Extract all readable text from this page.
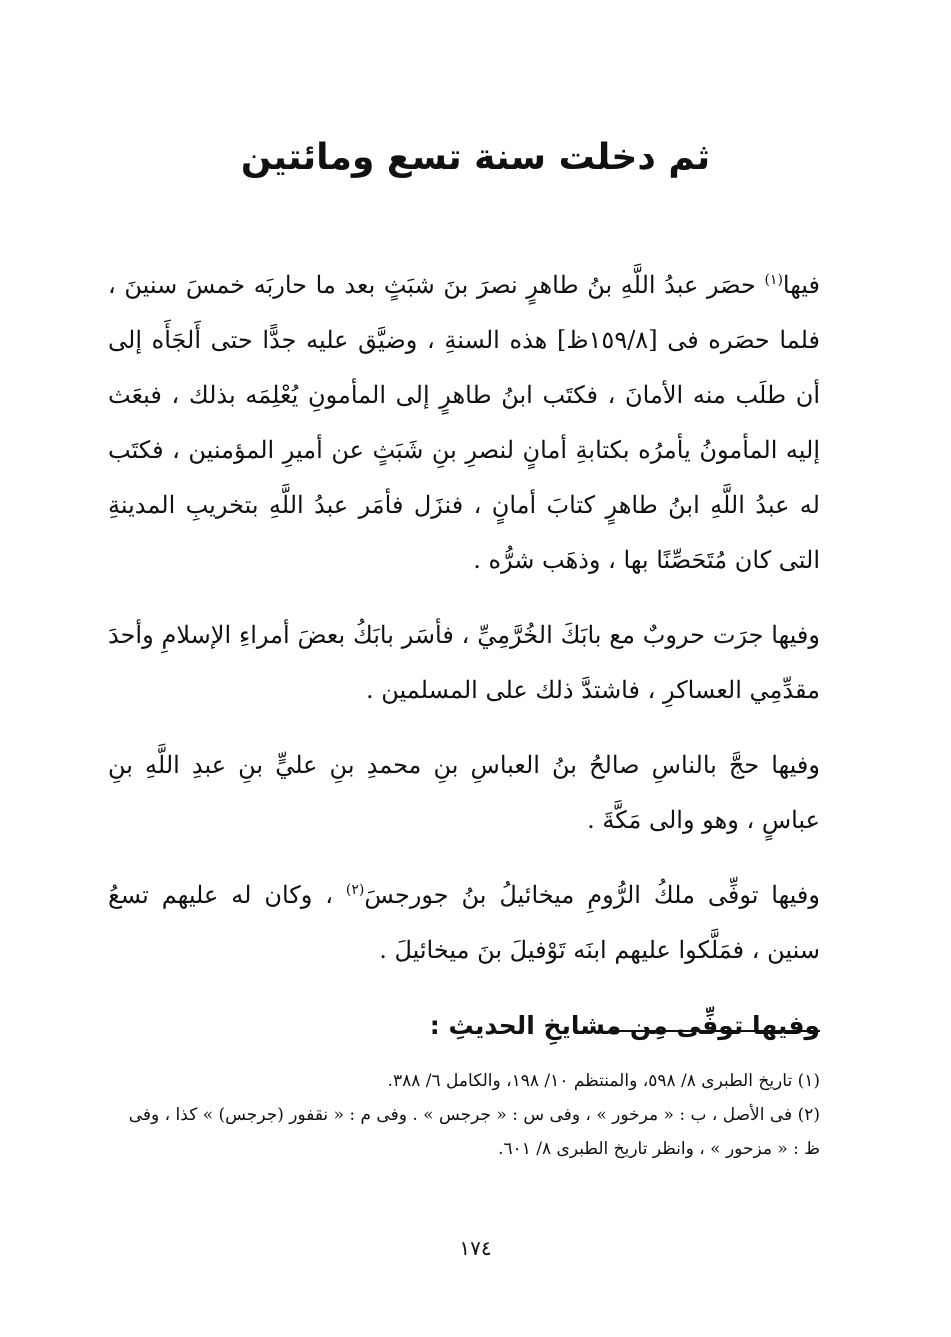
ثم دخلت سنة تسع ومائتين

فيها$^{(١)}$ حصَر عبدُ اللَّهِ بنُ طاهرٍ نصرَ بنَ شبَثٍ بعد ما حاربَه خمسَ سنينَ ، فلما حصَره فى [١٥٩/٨ظ] هذه السنةِ ، وضيَّق عليه جدًّا حتى أَلجَأَه إلى أن طلَب منه الأمانَ ، فكتَب ابنُ طاهرٍ إلى المأمونِ يُعْلِمَه بذلك ، فبعَث إليه المأمونُ يأمرُه بكتابةِ أمانٍ لنصرِ بنِ شَبَثٍ عن أميرِ المؤمنين ، فكتَب له عبدُ اللَّهِ ابنُ طاهرٍ كتابَ أمانٍ ، فنزَل فأمَر عبدُ اللَّهِ بتخريبِ المدينةِ التى كان مُتَحَصِّنًا بها ، وذهَب شرُّه .

وفيها جرَت حروبٌ مع بابَكَ الخُرَّمِيِّ ، فأسَر بابَكُ بعضَ أمراءِ الإسلامِ وأحدَ مقدِّمِي العساكرِ ، فاشتدَّ ذلك على المسلمين .

وفيها حجَّ بالناسِ صالحُ بنُ العباسِ بنِ محمدِ بنِ عليٍّ بنِ عبدِ اللَّهِ بنِ عباسٍ ، وهو والى مَكَّةَ .

وفيها توفِّى ملكُ الرُّومِ ميخائيلُ بنُ جورجسَ$^{(٢)}$ ، وكان له عليهم تسعُ سنين ، فمَلَّكوا عليهم ابنَه تَوْفيلَ بنَ ميخائيلَ .

وفيها توفِّى مِن مشايخِ الحديثِ :

(١) تاريخ الطبرى ٨/ ٥٩٨، والمنتظم ١٠/ ١٩٨، والكامل ٦/ ٣٨٨.
(٢) فى الأصل ، ب : « مرخور » ، وفى س : « جرجس » . وفى م : « نقفور (جرجس) » كذا ، وفى ظ : « مزحور » ، وانظر تاريخ الطبرى ٨/ ٦٠١.
١٧٤
